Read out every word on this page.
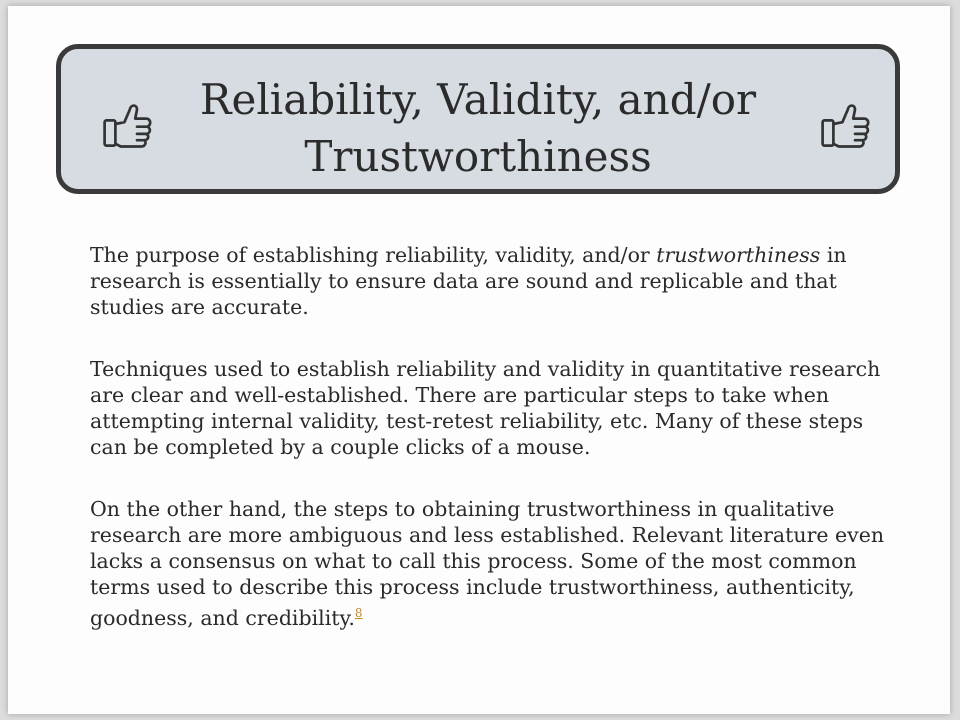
Reliability, Validity, and/or Trustworthiness

The purpose of establishing reliability, validity, and/or trustworthiness in research is essentially to ensure data are sound and replicable and that studies are accurate.

Techniques used to establish reliability and validity in quantitative research are clear and well-established. There are particular steps to take when attempting internal validity, test-retest reliability, etc. Many of these steps can be completed by a couple clicks of a mouse.

On the other hand, the steps to obtaining trustworthiness in qualitative research are more ambiguous and less established. Relevant literature even lacks a consensus on what to call this process. Some of the most common terms used to describe this process include trustworthiness, authenticity, goodness, and credibility.$^8$
